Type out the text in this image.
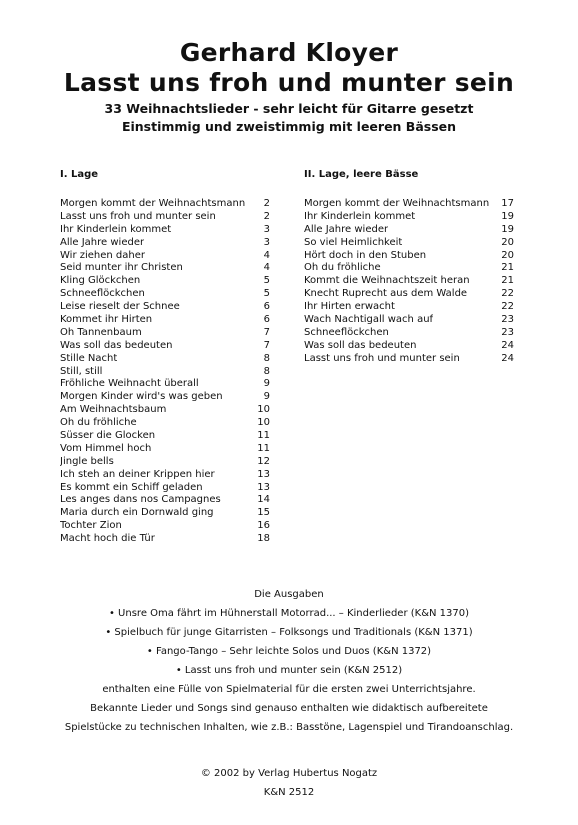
Gerhard Kloyer
Lasst uns froh und munter sein
33 Weihnachtslieder - sehr leicht für Gitarre gesetzt
Einstimmig und zweistimmig mit leeren Bässen
I. Lage
Morgen kommt der Weihnachtsmann	2
Lasst uns froh und munter sein	2
Ihr Kinderlein kommet	3
Alle Jahre wieder	3
Wir ziehen daher	4
Seid munter ihr Christen	4
Kling Glöckchen	5
Schneeflöckchen	5
Leise rieselt der Schnee	6
Kommet ihr Hirten	6
Oh Tannenbaum	7
Was soll das bedeuten	7
Stille Nacht	8
Still, still	8
Fröhliche Weihnacht überall	9
Morgen Kinder wird's was geben	9
Am Weihnachtsbaum	10
Oh du fröhliche	10
Süsser die Glocken	11
Vom Himmel hoch	11
Jingle bells	12
Ich steh an deiner Krippen hier	13
Es kommt ein Schiff geladen	13
Les anges dans nos Campagnes	14
Maria durch ein Dornwald ging	15
Tochter Zion	16
Macht hoch die Tür	18
II. Lage, leere Bässe
Morgen kommt der Weihnachtsmann	17
Ihr Kinderlein kommet	19
Alle Jahre wieder	19
So viel Heimlichkeit	20
Hört doch in den Stuben	20
Oh du fröhliche	21
Kommt die Weihnachtszeit heran	21
Knecht Ruprecht aus dem Walde	22
Ihr Hirten erwacht	22
Wach Nachtigall wach auf	23
Schneeflöckchen	23
Was soll das bedeuten	24
Lasst uns froh und munter sein	24
Die Ausgaben
• Unsre Oma fährt im Hühnerstall Motorrad... – Kinderlieder (K&N 1370)
• Spielbuch für junge Gitarristen – Folksongs und Traditionals (K&N 1371)
• Fango-Tango – Sehr leichte Solos und Duos (K&N 1372)
• Lasst uns froh und munter sein (K&N 2512)
enthalten eine Fülle von Spielmaterial für die ersten zwei Unterrichtsjahre.
Bekannte Lieder und Songs sind genauso enthalten wie didaktisch aufbereitete
Spielstücke zu technischen Inhalten, wie z.B.: Basstöne, Lagenspiel und Tirandoanschlag.
© 2002 by Verlag Hubertus Nogatz
K&N 2512
